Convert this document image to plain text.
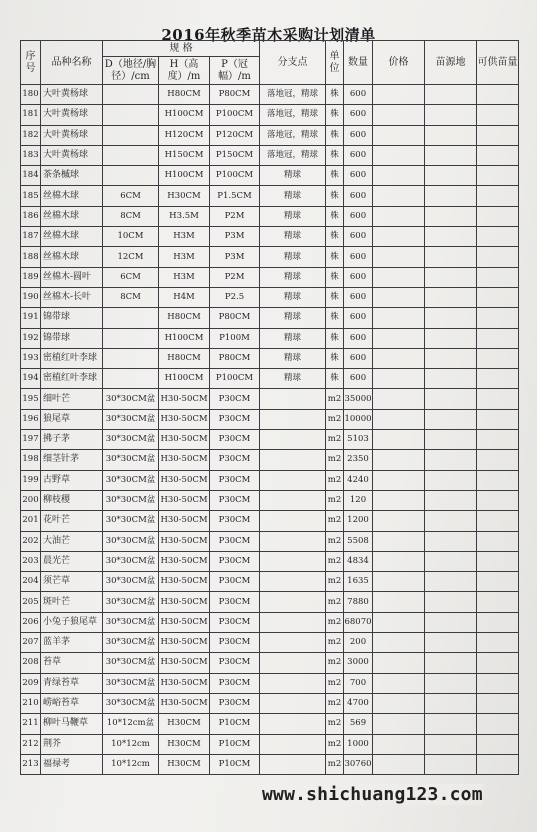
2016年秋季苗木采购计划清单
序号	品种名称	规 格			分支点	单位	数量	价格	苗源地	可供苗量
		D（地径/胸径）/cm	H（高度）/m	P（冠幅）/m						
180	大叶黄杨球		H80CM	P80CM	落地冠，精球	株	600			
181	大叶黄杨球		H100CM	P100CM	落地冠，精球	株	600			
182	大叶黄杨球		H120CM	P120CM	落地冠，精球	株	600			
183	大叶黄杨球		H150CM	P150CM	落地冠，精球	株	600			
184	茶条槭球		H100CM	P100CM	精球	株	600			
185	丝棉木球	6CM	H30CM	P1.5CM	精球	株	600			
186	丝棉木球	8CM	H3.5M	P2M	精球	株	600			
187	丝棉木球	10CM	H3M	P3M	精球	株	600			
188	丝棉木球	12CM	H3M	P3M	精球	株	600			
189	丝棉木-圆叶	6CM	H3M	P2M	精球	株	600			
190	丝棉木-长叶	8CM	H4M	P2.5	精球	株	600			
191	锦带球		H80CM	P80CM	精球	株	600			
192	锦带球		H100CM	P100M	精球	株	600			
193	密植红叶李球		H80CM	P80CM	精球	株	600			
194	密植红叶李球		H100CM	P100CM	精球	株	600			
195	细叶芒	30*30CM盆	H30-50CM	P30CM		m2	35000			
196	狼尾草	30*30CM盆	H30-50CM	P30CM		m2	10000			
197	拂子茅	30*30CM盆	H30-50CM	P30CM		m2	5103			
198	细茎针茅	30*30CM盆	H30-50CM	P30CM		m2	2350			
199	古野草	30*30CM盆	H30-50CM	P30CM		m2	4240			
200	柳枝稷	30*30CM盆	H30-50CM	P30CM		m2	120			
201	花叶芒	30*30CM盆	H30-50CM	P30CM		m2	1200			
202	大油芒	30*30CM盆	H30-50CM	P30CM		m2	5508			
203	晨光芒	30*30CM盆	H30-50CM	P30CM		m2	4834			
204	须芒草	30*30CM盆	H30-50CM	P30CM		m2	1635			
205	斑叶芒	30*30CM盆	H30-50CM	P30CM		m2	7880			
206	小兔子狼尾草	30*30CM盆	H30-50CM	P30CM		m2	68070			
207	蓝羊茅	30*30CM盆	H30-50CM	P30CM		m2	200			
208	苔草	30*30CM盆	H30-50CM	P30CM		m2	3000			
209	青绿苔草	30*30CM盆	H30-50CM	P30CM		m2	700			
210	崂峪苔草	30*30CM盆	H30-50CM	P30CM		m2	4700			
211	柳叶马鞭草	10*12cm盆	H30CM	P10CM		m2	569			
212	荆芥	10*12cm	H30CM	P10CM		m2	1000			
213	福禄考	10*12cm	H30CM	P10CM		m2	30760			
www.shichuang123.com
